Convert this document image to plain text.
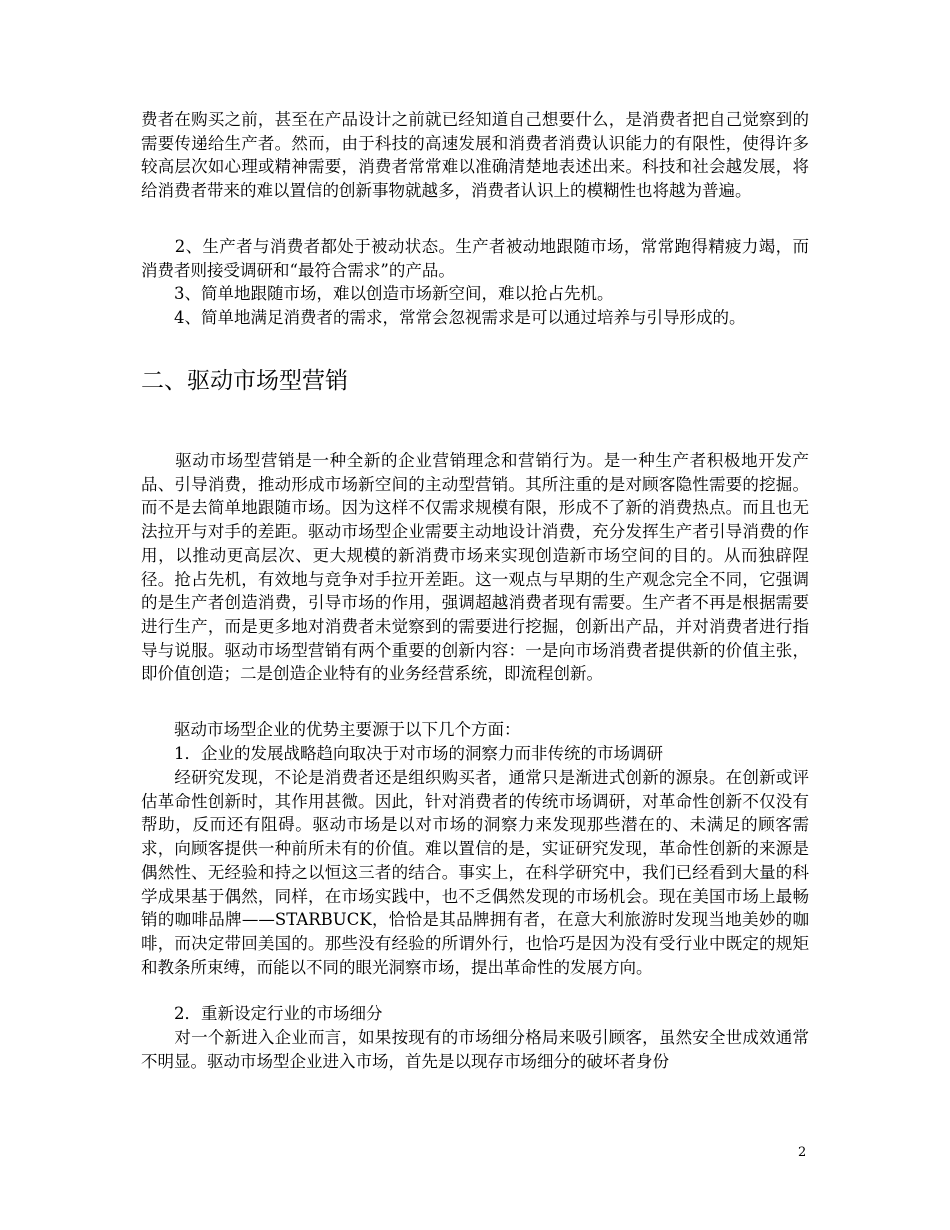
费者在购买之前，甚至在产品设计之前就已经知道自己想要什么，是消费者把自己觉察到的需要传递给生产者。然而，由于科技的高速发展和消费者消费认识能力的有限性，使得许多较高层次如心理或精神需要，消费者常常难以准确清楚地表述出来。科技和社会越发展，将给消费者带来的难以置信的创新事物就越多，消费者认识上的模糊性也将越为普遍。

　　2、生产者与消费者都处于被动状态。生产者被动地跟随市场，常常跑得精疲力竭，而消费者则接受调研和“最符合需求”的产品。

　　3、简单地跟随市场，难以创造市场新空间，难以抢占先机。

　　4、简单地满足消费者的需求，常常会忽视需求是可以通过培养与引导形成的。

二、驱动市场型营销

　　驱动市场型营销是一种全新的企业营销理念和营销行为。是一种生产者积极地开发产品、引导消费，推动形成市场新空间的主动型营销。其所注重的是对顾客隐性需要的挖掘。而不是去简单地跟随市场。因为这样不仅需求规模有限，形成不了新的消费热点。而且也无法拉开与对手的差距。驱动市场型企业需要主动地设计消费，充分发挥生产者引导消费的作用，以推动更高层次、更大规模的新消费市场来实现创造新市场空间的目的。从而独辟陧径。抢占先机，有效地与竞争对手拉开差距。这一观点与早期的生产观念完全不同，它强调的是生产者创造消费，引导市场的作用，强调超越消费者现有需要。生产者不再是根据需要进行生产，而是更多地对消费者未觉察到的需要进行挖掘，创新出产品，并对消费者进行指导与说服。驱动市场型营销有两个重要的创新内容：一是向市场消费者提供新的价值主张，即价值创造；二是创造企业特有的业务经营系统，即流程创新。

　　驱动市场型企业的优势主要源于以下几个方面：

　　1．企业的发展战略趋向取决于对市场的洞察力而非传统的市场调研

　　经研究发现，不论是消费者还是组织购买者，通常只是渐进式创新的源泉。在创新或评估革命性创新时，其作用甚微。因此，针对消费者的传统市场调研，对革命性创新不仅没有帮助，反而还有阻碍。驱动市场是以对市场的洞察力来发现那些潜在的、未满足的顾客需求，向顾客提供一种前所未有的价值。难以置信的是，实证研究发现，革命性创新的来源是偶然性、无经验和持之以恒这三者的结合。事实上，在科学研究中，我们已经看到大量的科学成果基于偶然，同样，在市场实践中，也不乏偶然发现的市场机会。现在美国市场上最畅销的咖啡品牌——STARBUCK，恰恰是其品牌拥有者，在意大利旅游时发现当地美妙的咖啡，而决定带回美国的。那些没有经验的所谓外行，也恰巧是因为没有受行业中既定的规矩和教条所束缚，而能以不同的眼光洞察市场，提出革命性的发展方向。

　　2．重新设定行业的市场细分

　　对一个新进入企业而言，如果按现有的市场细分格局来吸引顾客，虽然安全世成效通常不明显。驱动市场型企业进入市场，首先是以现存市场细分的破坏者身份

2
